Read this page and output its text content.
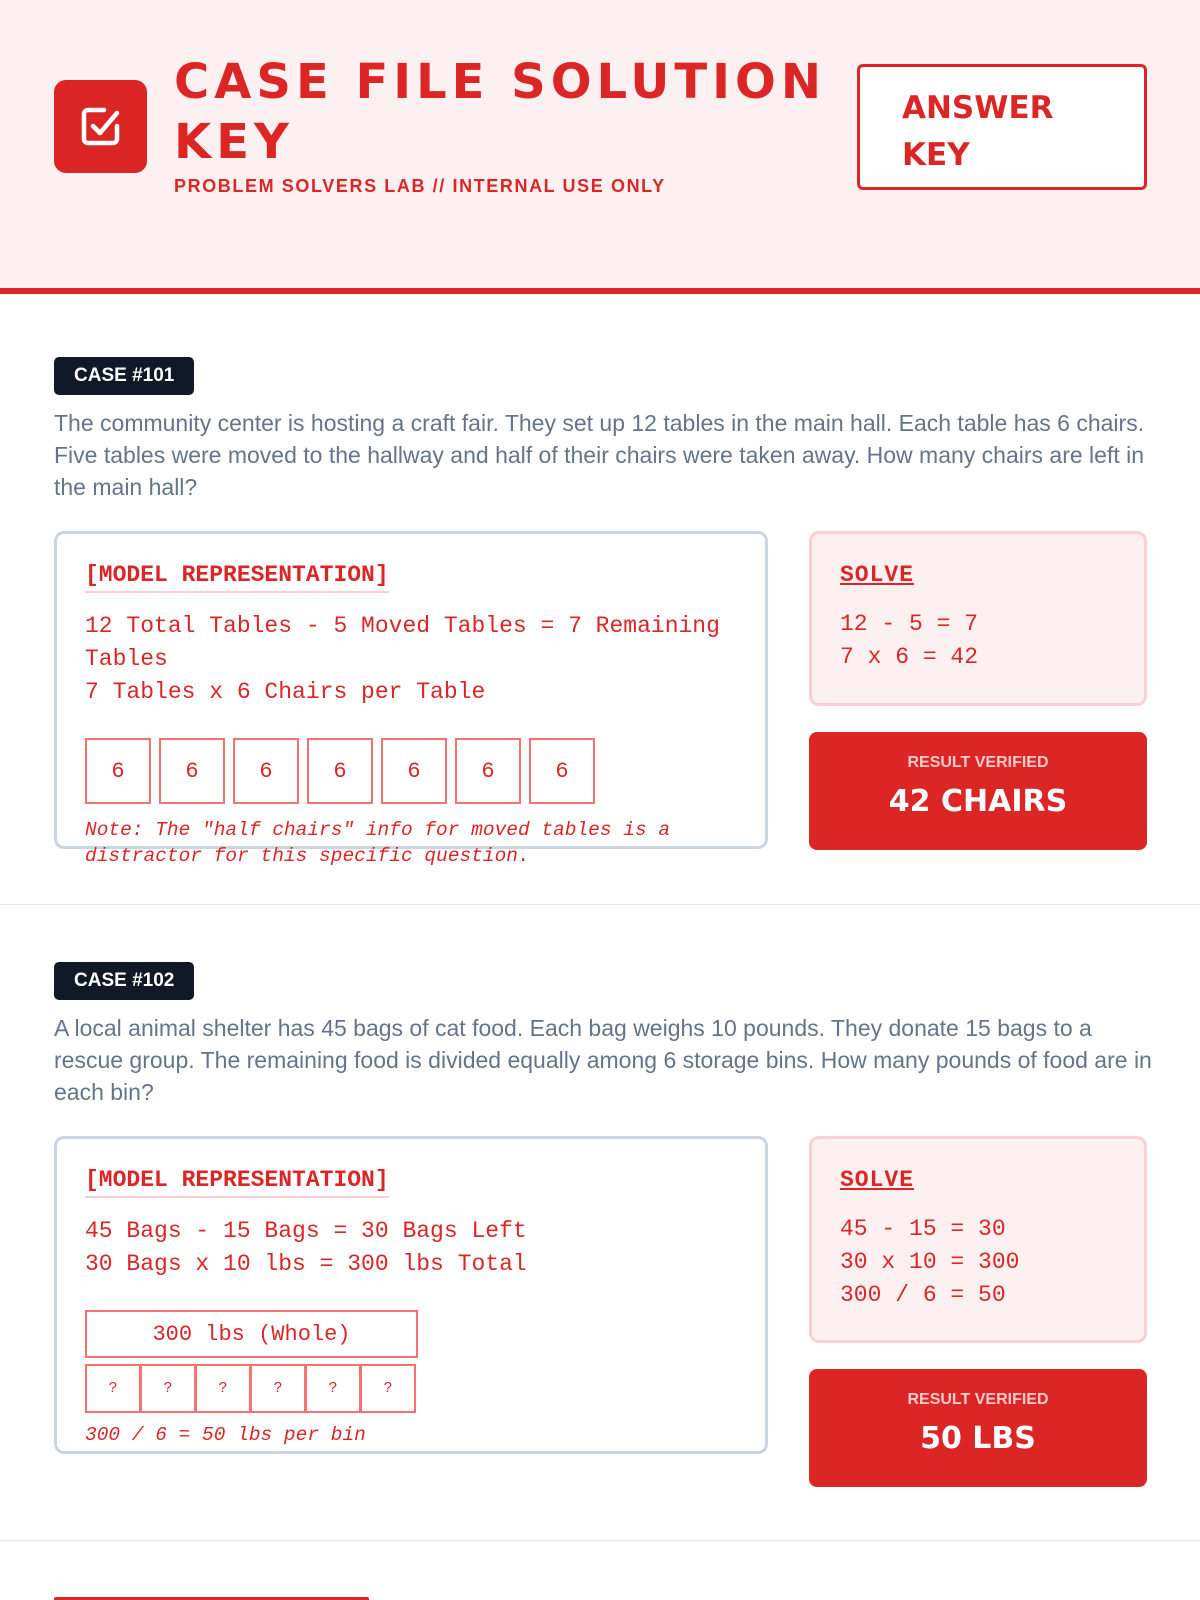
CASE FILE SOLUTION KEY
PROBLEM SOLVERS LAB // INTERNAL USE ONLY
ANSWER KEY
CASE #101

The community center is hosting a craft fair. They set up 12 tables in the main hall. Each table has 6 chairs. Five tables were moved to the hallway and half of their chairs were taken away. How many chairs are left in the main hall?

[MODEL REPRESENTATION]
12 Total Tables - 5 Moved Tables = 7 Remaining Tables
7 Tables x 6 Chairs per Table
6	6	6	6	6	6	6
Note: The "half chairs" info for moved tables is a distractor for this specific question.
SOLVE
12 - 5 = 7
7 x 6 = 42
RESULT VERIFIED
42 CHAIRS
CASE #102

A local animal shelter has 45 bags of cat food. Each bag weighs 10 pounds. They donate 15 bags to a rescue group. The remaining food is divided equally among 6 storage bins. How many pounds of food are in each bin?

[MODEL REPRESENTATION]
45 Bags - 15 Bags = 30 Bags Left
30 Bags x 10 lbs = 300 lbs Total
300 lbs (Whole)
?	?	?	?	?	?
300 / 6 = 50 lbs per bin
SOLVE
45 - 15 = 30
30 x 10 = 300
300 / 6 = 50
RESULT VERIFIED
50 LBS
